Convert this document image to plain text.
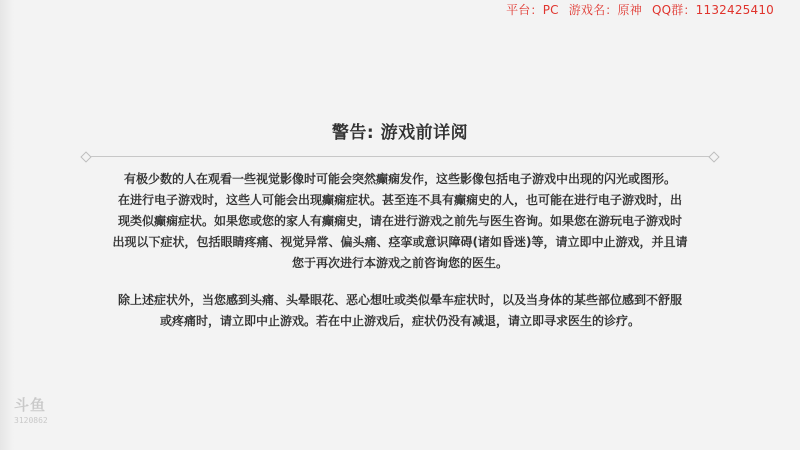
平台：PC 游戏名：原神 QQ群：1132425410
警告: 游戏前详阅
有极少数的人在观看一些视觉影像时可能会突然癫痫发作，这些影像包括电子游戏中出现的闪光或图形。
在进行电子游戏时，这些人可能会出现癫痫症状。甚至连不具有癫痫史的人，也可能在进行电子游戏时，出
现类似癫痫症状。如果您或您的家人有癫痫史，请在进行游戏之前先与医生咨询。如果您在游玩电子游戏时
出现以下症状，包括眼睛疼痛、视觉异常、偏头痛、痉挛或意识障碍(诸如昏迷)等，请立即中止游戏，并且请
您于再次进行本游戏之前咨询您的医生。
除上述症状外，当您感到头痛、头晕眼花、恶心想吐或类似晕车症状时，以及当身体的某些部位感到不舒服
或疼痛时，请立即中止游戏。若在中止游戏后，症状仍没有减退，请立即寻求医生的诊疗。
斗鱼
3120862
